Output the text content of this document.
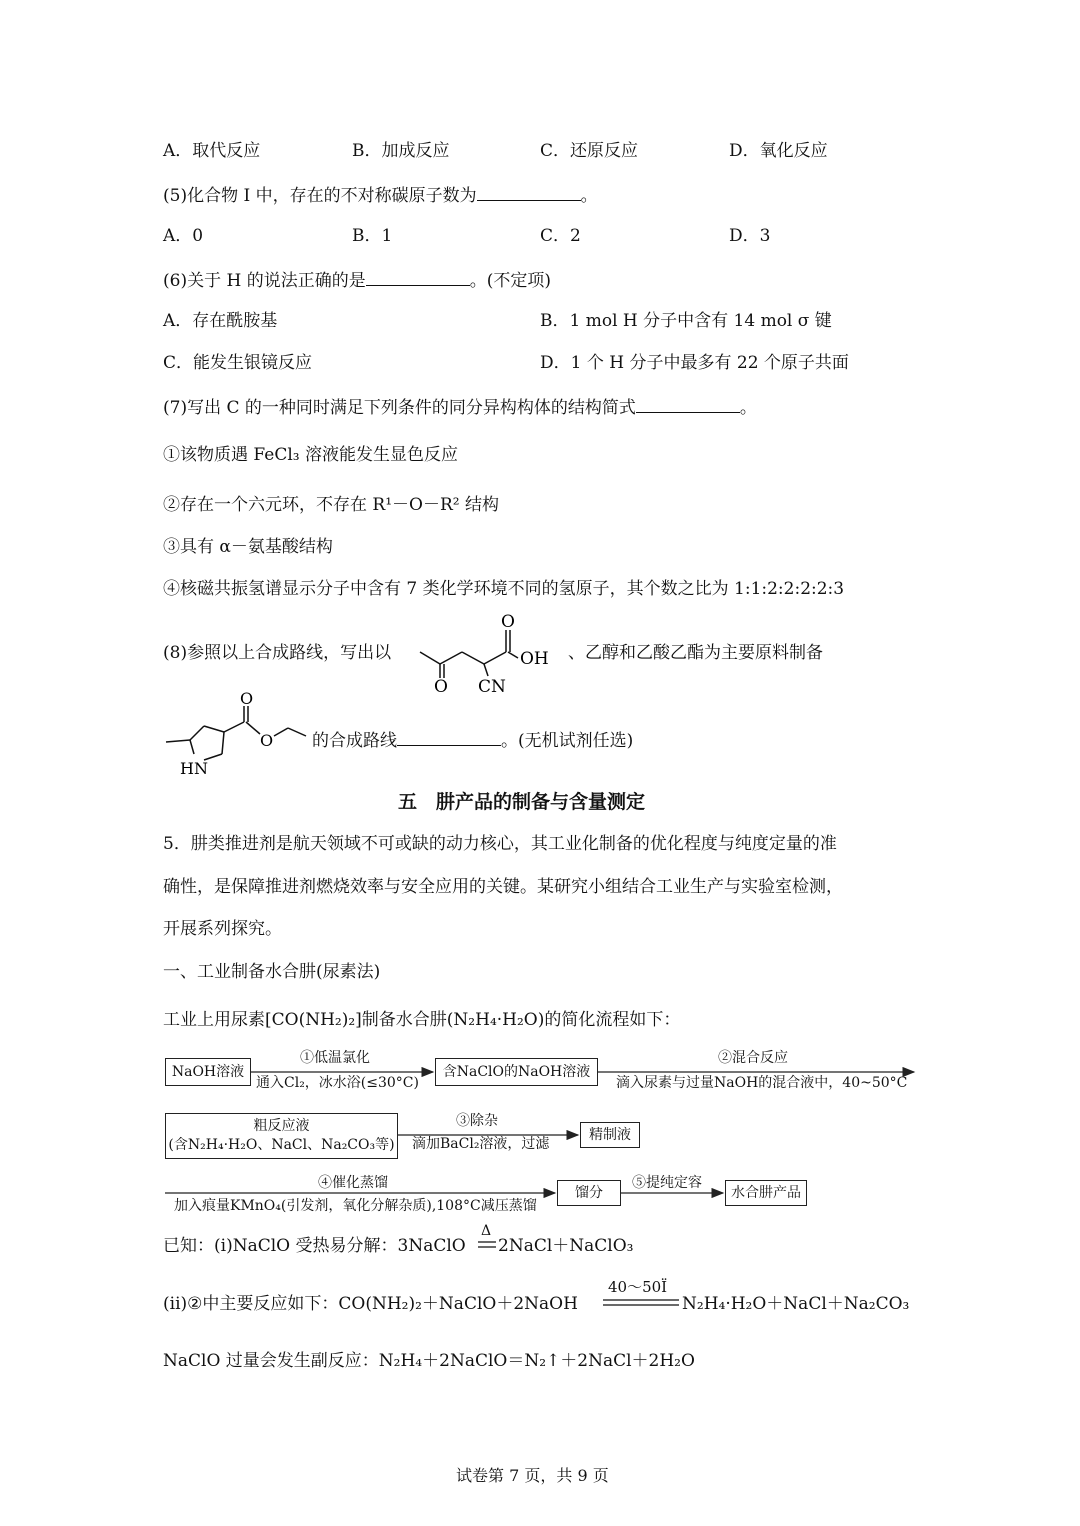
A．取代反应	B．加成反应	C．还原反应	D．氧化反应
(5)化合物 I 中，存在的不对称碳原子数为	。
A．0	B．1	C．2	D．3
(6)关于 H 的说法正确的是	。(不定项)
A．存在酰胺基	B．1 mol H 分子中含有 14 mol σ 键
C．能发生银镜反应	D．1 个 H 分子中最多有 22 个原子共面
(7)写出 C 的一种同时满足下列条件的同分异构构体的结构简式	。
①该物质遇 FeCl₃ 溶液能发生显色反应
②存在一个六元环，不存在 R¹－O－R² 结构
③具有 α－氨基酸结构
④核磁共振氢谱显示分子中含有 7 类化学环境不同的氢原子，其个数之比为 1:1:2:2:2:2:3
(8)参照以上合成路线，写出以
O
OH
O CN
、乙醇和乙酸乙酯为主要原料制备
O
O
HN
的合成路线	。(无机试剂任选)
五　肼产品的制备与含量测定
5．肼类推进剂是航天领域不可或缺的动力核心，其工业化制备的优化程度与纯度定量的准
确性，是保障推进剂燃烧效率与安全应用的关键。某研究小组结合工业生产与实验室检测，
开展系列探究。
一、工业制备水合肼(尿素法)
工业上用尿素[CO(NH₂)₂]制备水合肼(N₂H₄·H₂O)的简化流程如下：
NaOH溶液
①低温氯化
通入Cl₂，冰水浴(≤30°C)
含NaClO的NaOH溶液
②混合反应
滴入尿素与过量NaOH的混合液中，40~50°C
粗反应液
(含N₂H₄·H₂O、NaCl、Na₂CO₃等)
③除杂
滴加BaCl₂溶液，过滤
精制液
④催化蒸馏
加入痕量KMnO₄(引发剂，氧化分解杂质),108°C减压蒸馏
馏分
⑤提纯定容
水合肼产品
已知：(i)NaClO 受热易分解：3NaClO
Δ
2NaCl＋NaClO₃
(ii)②中主要反应如下：CO(NH₂)₂＋NaClO＋2NaOH
40～50Ï
N₂H₄·H₂O＋NaCl＋Na₂CO₃
NaClO 过量会发生副反应：N₂H₄＋2NaClO＝N₂↑＋2NaCl＋2H₂O
试卷第 7 页，共 9 页
